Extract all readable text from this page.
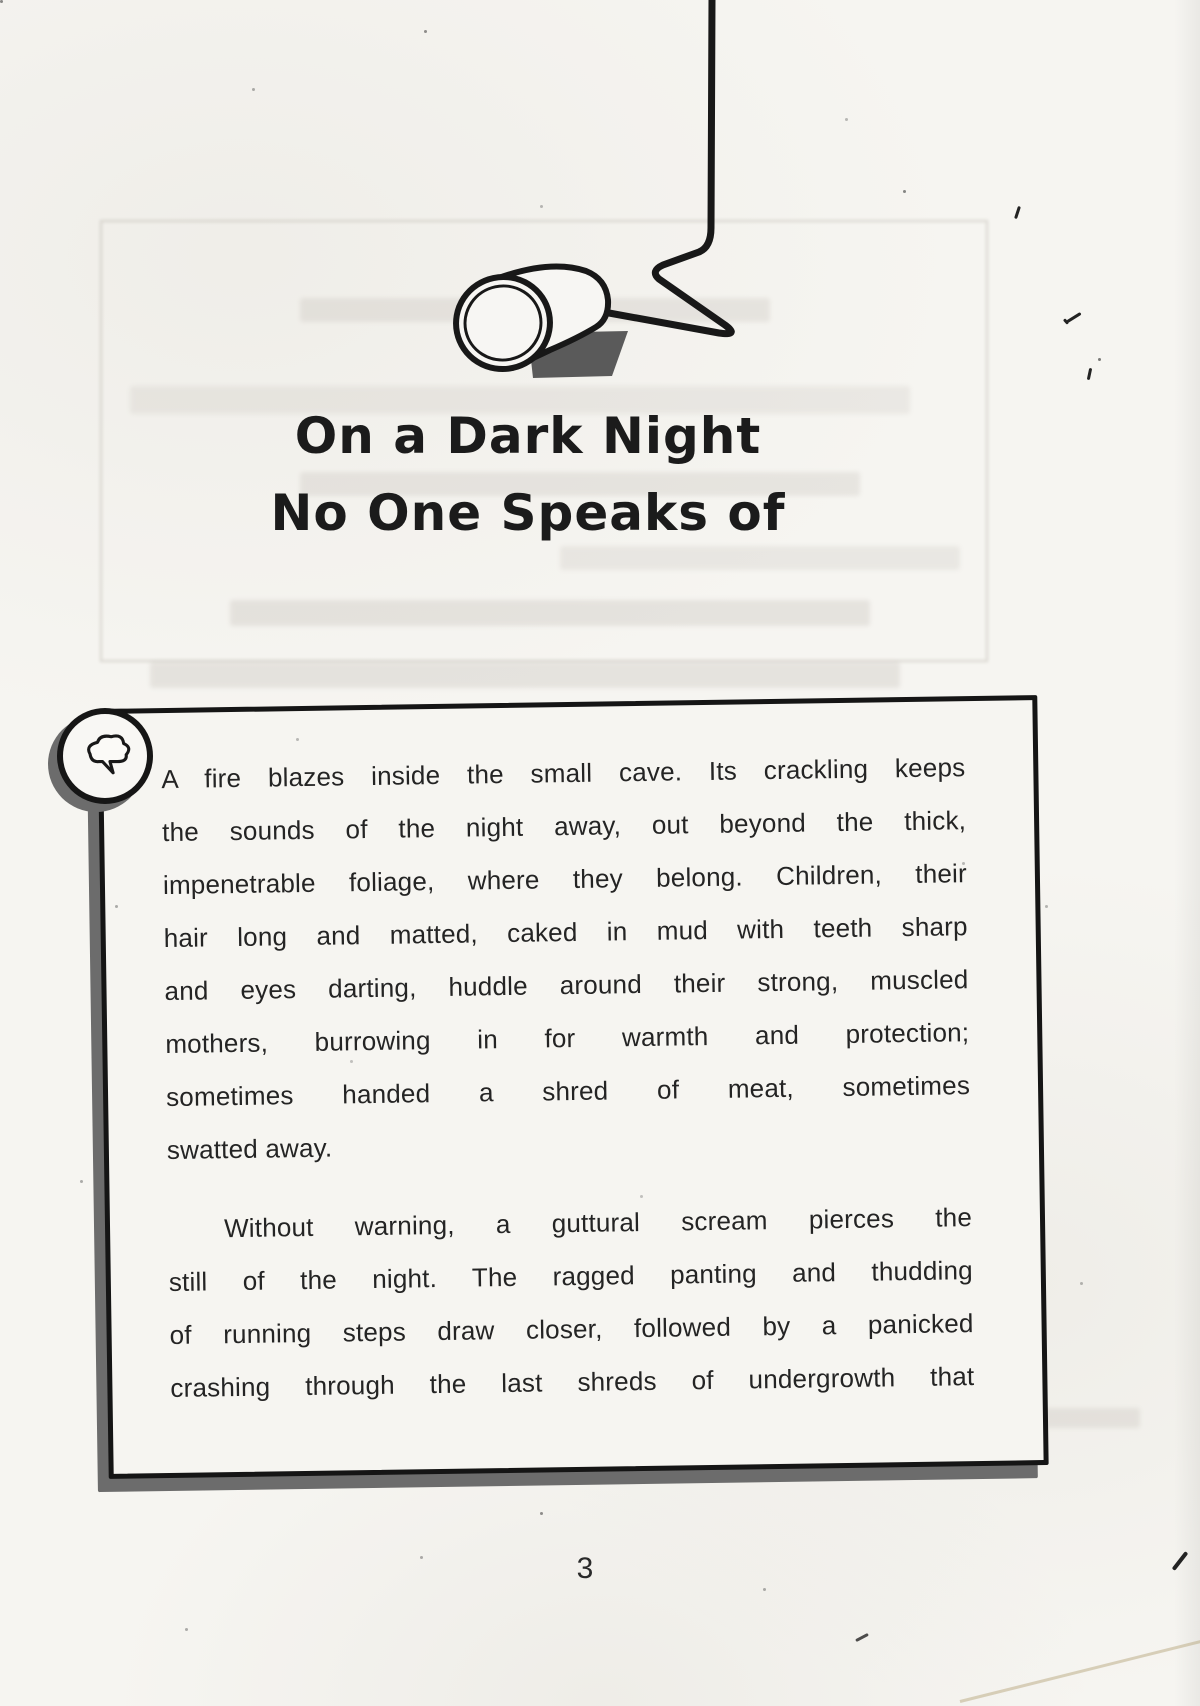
On a Dark Night
No One Speaks of
A fire blazes inside the small cave. Its crackling keeps
the sounds of the night away, out beyond the thick,
impenetrable foliage, where they belong. Children, their
hair long and matted, caked in mud with teeth sharp
and eyes darting, huddle around their strong, muscled
mothers, burrowing in for warmth and protection;
sometimes handed a shred of meat, sometimes
swatted away.
Without warning, a guttural scream pierces the
still of the night. The ragged panting and thudding
of running steps draw closer, followed by a panicked
crashing through the last shreds of undergrowth that
3
